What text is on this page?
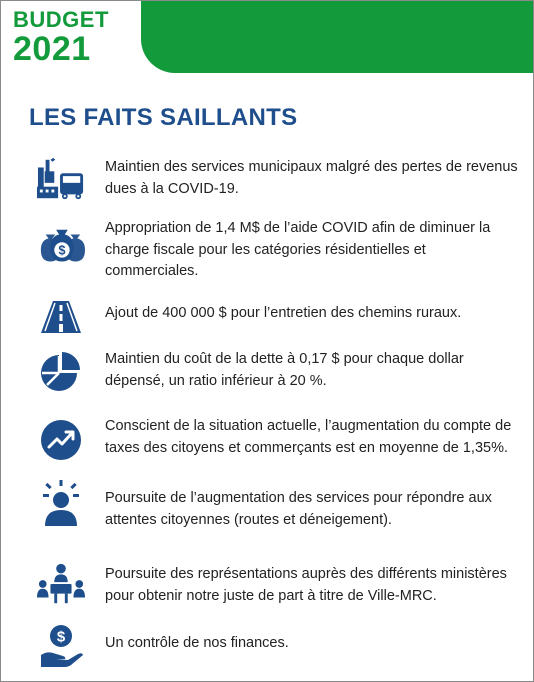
BUDGET
2021
LES FAITS SAILLANTS
Maintien des services municipaux malgré des pertes de revenus dues à la COVID-19.
$
Appropriation de 1,4 M$ de l’aide COVID afin de diminuer la charge fiscale pour les catégories résidentielles et commerciales.
Ajout de 400 000 $ pour l’entretien des chemins ruraux.
Maintien du coût de la dette à 0,17 $ pour chaque dollar dépensé, un ratio inférieur à 20 %.
Conscient de la situation actuelle, l’augmentation du compte de taxes des citoyens et commerçants est en moyenne de 1,35%.
Poursuite de l’augmentation des services pour répondre aux attentes citoyennes (routes et déneigement).
Poursuite des représentations auprès des différents ministères pour obtenir notre juste de part à titre de Ville-MRC.
$	Un contrôle de nos finances.
